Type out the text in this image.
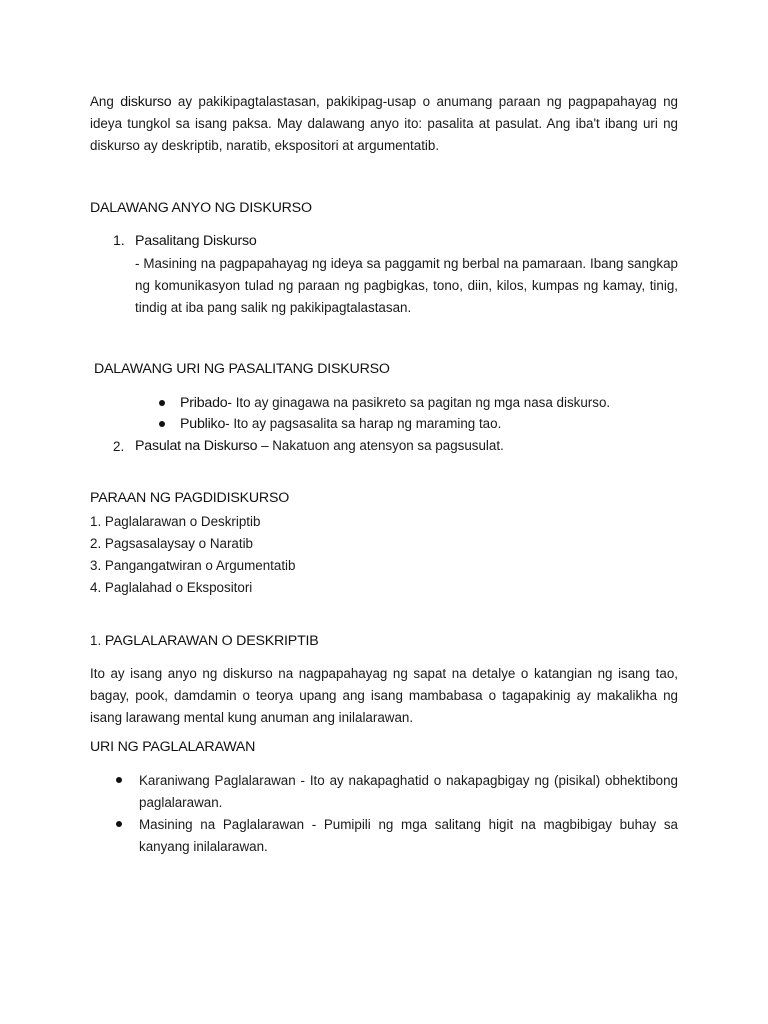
Ang diskurso ay pakikipagtalastasan, pakikipag-usap o anumang paraan ng pagpapahayag ng ideya tungkol sa isang paksa. May dalawang anyo ito: pasalita at pasulat. Ang iba't ibang uri ng diskurso ay deskriptib, naratib, ekspositori at argumentatib.

DALAWANG ANYO NG DISKURSO
1. Pasalitang Diskurso

- Masining na pagpapahayag ng ideya sa paggamit ng berbal na pamaraan. Ibang sangkap ng komunikasyon tulad ng paraan ng pagbigkas, tono, diin, kilos, kumpas ng kamay, tinig, tindig at iba pang salik ng pakikipagtalastasan.

DALAWANG URI NG PASALITANG DISKURSO
Pribado- Ito ay ginagawa na pasikreto sa pagitan ng mga nasa diskurso.
Publiko- Ito ay pagsasalita sa harap ng maraming tao.
2. Pasulat na Diskurso – Nakatuon ang atensyon sa pagsusulat.
PARAAN NG PAGDIDISKURSO
1. Paglalarawan o Deskriptib
2. Pagsasalaysay o Naratib
3. Pangangatwiran o Argumentatib
4. Paglalahad o Ekspositori
1. PAGLALARAWAN O DESKRIPTIB

Ito ay isang anyo ng diskurso na nagpapahayag ng sapat na detalye o katangian ng isang tao, bagay, pook, damdamin o teorya upang ang isang mambabasa o tagapakinig ay makalikha ng isang larawang mental kung anuman ang inilalarawan.

URI NG PAGLALARAWAN

Karaniwang Paglalarawan - Ito ay nakapaghatid o nakapagbigay ng (pisikal) obhektibong paglalarawan.

Masining na Paglalarawan - Pumipili ng mga salitang higit na magbibigay buhay sa kanyang inilalarawan.
